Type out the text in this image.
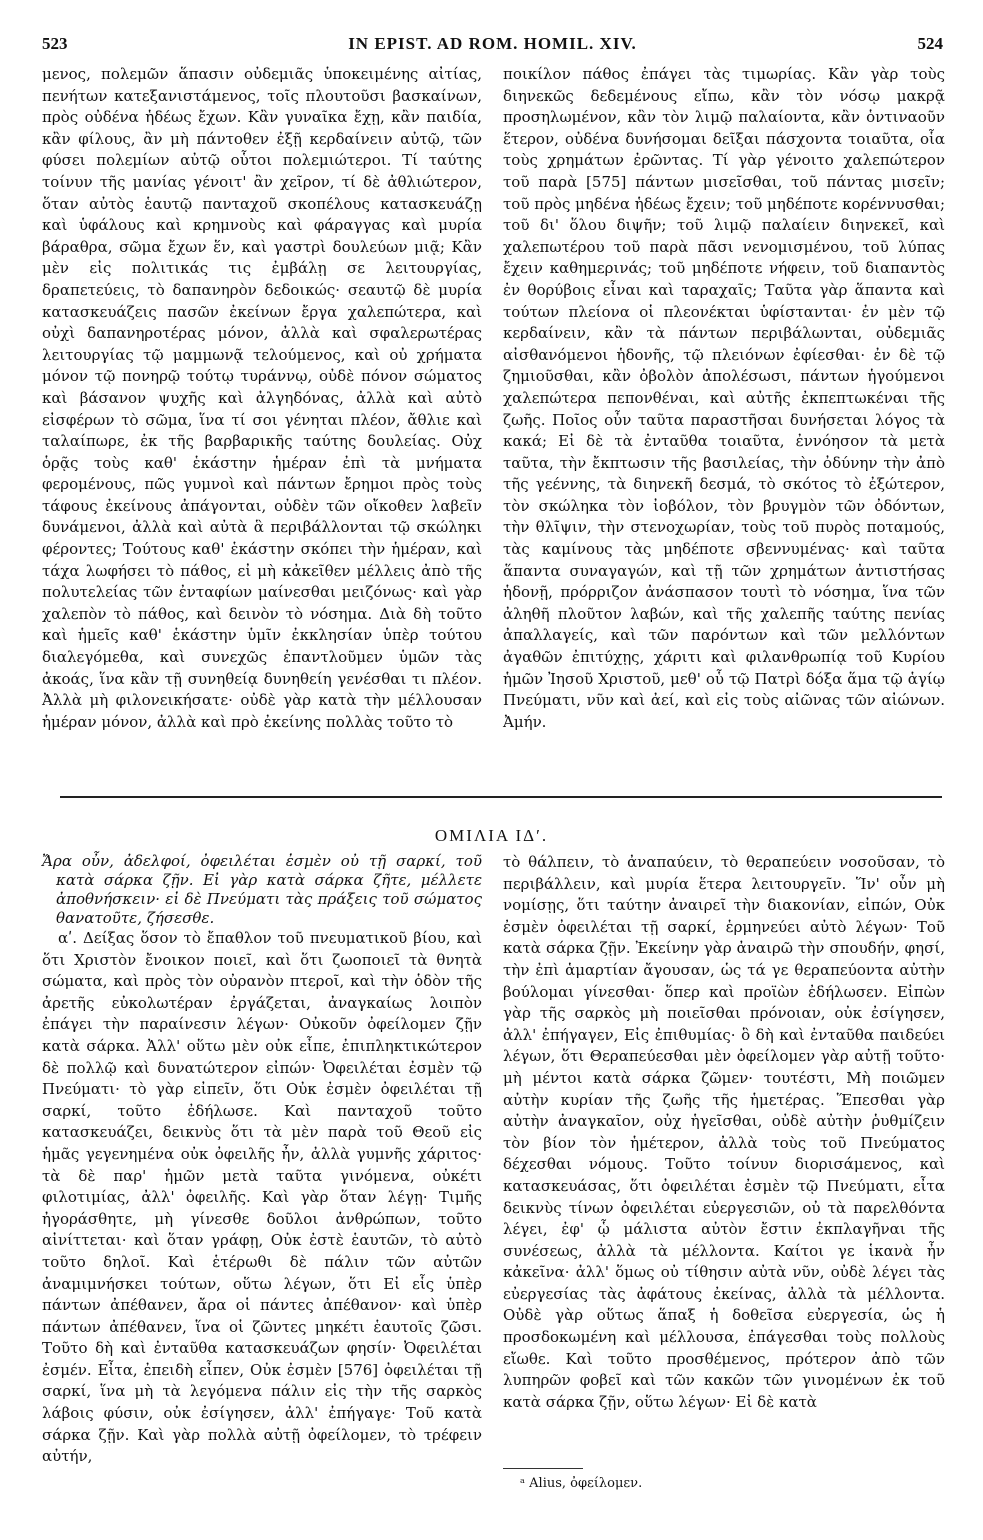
523	IN EPIST. AD ROM. HOMIL. XIV.	524

μενος, πολεμῶν ἅπασιν οὐδεμιᾶς ὑποκειμένης αἰτίας, πενήτων κατεξανιστάμενος, τοῖς πλουτοῦσι βασκαίνων, πρὸς οὐδένα ἡδέως ἔχων. Κἂν γυναῖκα ἔχῃ, κἂν παιδία, κἂν φίλους, ἂν μὴ πάντοθεν ἐξῇ κερδαίνειν αὐτῷ, τῶν φύσει πολεμίων αὐτῷ οὗτοι πολεμιώτεροι. Τί ταύτης τοίνυν τῆς μανίας γένοιτ' ἂν χεῖρον, τί δὲ ἀθλιώτερον, ὅταν αὐτὸς ἑαυτῷ πανταχοῦ σκοπέλους κατασκευάζῃ καὶ ὑφάλους καὶ κρημνοὺς καὶ φάραγγας καὶ μυρία βάραθρα, σῶμα ἔχων ἕν, καὶ γαστρὶ δουλεύων μιᾷ; Κἂν μὲν εἰς πολιτικάς τις ἐμβάλῃ σε λειτουργίας, δραπετεύεις, τὸ δαπανηρὸν δεδοικώς· σεαυτῷ δὲ μυρία κατασκευάζεις πασῶν ἐκείνων ἔργα χαλεπώτερα, καὶ οὐχὶ δαπανηροτέρας μόνον, ἀλλὰ καὶ σφαλερωτέρας λειτουργίας τῷ μαμμωνᾷ τελούμενος, καὶ οὐ χρήματα μόνον τῷ πονηρῷ τούτῳ τυράννῳ, οὐδὲ πόνον σώματος καὶ βάσανον ψυχῆς καὶ ἀλγηδόνας, ἀλλὰ καὶ αὐτὸ εἰσφέρων τὸ σῶμα, ἵνα τί σοι γένηται πλέον, ἄθλιε καὶ ταλαίπωρε, ἐκ τῆς βαρβαρικῆς ταύτης δουλείας. Οὐχ ὁρᾷς τοὺς καθ' ἑκάστην ἡμέραν ἐπὶ τὰ μνήματα φερομένους, πῶς γυμνοὶ καὶ πάντων ἔρημοι πρὸς τοὺς τάφους ἐκείνους ἀπάγονται, οὐδὲν τῶν οἴκοθεν λαβεῖν δυνάμενοι, ἀλλὰ καὶ αὐτὰ ἃ περιβάλλονται τῷ σκώληκι φέροντες; Τούτους καθ' ἑκάστην σκόπει τὴν ἡμέραν, καὶ τάχα λωφήσει τὸ πάθος, εἰ μὴ κἀκεῖθεν μέλλεις ἀπὸ τῆς πολυτελείας τῶν ἐνταφίων μαίνεσθαι μειζόνως· καὶ γὰρ χαλεπὸν τὸ πάθος, καὶ δεινὸν τὸ νόσημα. Διὰ δὴ τοῦτο καὶ ἡμεῖς καθ' ἑκάστην ὑμῖν ἐκκλησίαν ὑπὲρ τούτου διαλεγόμεθα, καὶ συνεχῶς ἐπαντλοῦμεν ὑμῶν τὰς ἀκοάς, ἵνα κἂν τῇ συνηθείᾳ δυνηθείη γενέσθαι τι πλέον. Ἀλλὰ μὴ φιλονεικήσατε· οὐδὲ γὰρ κατὰ τὴν μέλλουσαν ἡμέραν μόνον, ἀλλὰ καὶ πρὸ ἐκείνης πολλὰς τοῦτο τὸ

ποικίλον πάθος ἐπάγει τὰς τιμωρίας. Κἂν γὰρ τοὺς διηνεκῶς δεδεμένους εἴπω, κἂν τὸν νόσῳ μακρᾷ προσηλωμένον, κἂν τὸν λιμῷ παλαίοντα, κἂν ὁντιναοῦν ἕτερον, οὐδένα δυνήσομαι δεῖξαι πάσχοντα τοιαῦτα, οἷα τοὺς χρημάτων ἐρῶντας. Τί γὰρ γένοιτο χαλεπώτερον τοῦ παρὰ [575] πάντων μισεῖσθαι, τοῦ πάντας μισεῖν; τοῦ πρὸς μηδένα ἡδέως ἔχειν; τοῦ μηδέποτε κορέννυσθαι; τοῦ δι' ὅλου διψῆν; τοῦ λιμῷ παλαίειν διηνεκεῖ, καὶ χαλεπωτέρου τοῦ παρὰ πᾶσι νενομισμένου, τοῦ λύπας ἔχειν καθημερινάς; τοῦ μηδέποτε νήφειν, τοῦ διαπαντὸς ἐν θορύβοις εἶναι καὶ ταραχαῖς; Ταῦτα γὰρ ἅπαντα καὶ τούτων πλείονα οἱ πλεονέκται ὑφίστανται· ἐν μὲν τῷ κερδαίνειν, κἂν τὰ πάντων περιβάλωνται, οὐδεμιᾶς αἰσθανόμενοι ἡδονῆς, τῷ πλειόνων ἐφίεσθαι· ἐν δὲ τῷ ζημιοῦσθαι, κἂν ὀβολὸν ἀπολέσωσι, πάντων ἡγούμενοι χαλεπώτερα πεπονθέναι, καὶ αὐτῆς ἐκπεπτωκέναι τῆς ζωῆς. Ποῖος οὖν ταῦτα παραστῆσαι δυνήσεται λόγος τὰ κακά; Εἰ δὲ τὰ ἐνταῦθα τοιαῦτα, ἐννόησον τὰ μετὰ ταῦτα, τὴν ἔκπτωσιν τῆς βασιλείας, τὴν ὀδύνην τὴν ἀπὸ τῆς γεέννης, τὰ διηνεκῆ δεσμά, τὸ σκότος τὸ ἐξώτερον, τὸν σκώληκα τὸν ἰοβόλον, τὸν βρυγμὸν τῶν ὀδόντων, τὴν θλῖψιν, τὴν στενοχωρίαν, τοὺς τοῦ πυρὸς ποταμούς, τὰς καμίνους τὰς μηδέποτε σβεννυμένας· καὶ ταῦτα ἅπαντα συναγαγών, καὶ τῇ τῶν χρημάτων ἀντιστήσας ἡδονῇ, πρόρριζον ἀνάσπασον τουτὶ τὸ νόσημα, ἵνα τῶν ἀληθῆ πλοῦτον λαβών, καὶ τῆς χαλεπῆς ταύτης πενίας ἀπαλλαγείς, καὶ τῶν παρόντων καὶ τῶν μελλόντων ἀγαθῶν ἐπιτύχῃς, χάριτι καὶ φιλανθρωπίᾳ τοῦ Κυρίου ἡμῶν Ἰησοῦ Χριστοῦ, μεθ' οὗ τῷ Πατρὶ δόξα ἅμα τῷ ἁγίῳ Πνεύματι, νῦν καὶ ἀεί, καὶ εἰς τοὺς αἰῶνας τῶν αἰώνων. Ἀμήν.

ΟΜΙΛΙΑ ΙΔʹ.

Ἄρα οὖν, ἀδελφοί, ὀφειλέται ἐσμὲν οὐ τῇ σαρκί, τοῦ κατὰ σάρκα ζῇν. Εἰ γὰρ κατὰ σάρκα ζῆτε, μέλλετε ἀποθνήσκειν· εἰ δὲ Πνεύματι τὰς πράξεις τοῦ σώματος θανατοῦτε, ζήσεσθε.

αʹ. Δείξας ὅσον τὸ ἔπαθλον τοῦ πνευματικοῦ βίου, καὶ ὅτι Χριστὸν ἔνοικον ποιεῖ, καὶ ὅτι ζωοποιεῖ τὰ θνητὰ σώματα, καὶ πρὸς τὸν οὐρανὸν πτεροῖ, καὶ τὴν ὁδὸν τῆς ἀρετῆς εὐκολωτέραν ἐργάζεται, ἀναγκαίως λοιπὸν ἐπάγει τὴν παραίνεσιν λέγων· Οὐκοῦν ὀφείλομεν ζῇν κατὰ σάρκα. Ἀλλ' οὕτω μὲν οὐκ εἶπε, ἐπιπληκτικώτερον δὲ πολλῷ καὶ δυνατώτερον εἰπών· Ὀφειλέται ἐσμὲν τῷ Πνεύματι· τὸ γὰρ εἰπεῖν, ὅτι Οὐκ ἐσμὲν ὀφειλέται τῇ σαρκί, τοῦτο ἐδήλωσε. Καὶ πανταχοῦ τοῦτο κατασκευάζει, δεικνὺς ὅτι τὰ μὲν παρὰ τοῦ Θεοῦ εἰς ἡμᾶς γεγενημένα οὐκ ὀφειλῆς ἦν, ἀλλὰ γυμνῆς χάριτος· τὰ δὲ παρ' ἡμῶν μετὰ ταῦτα γινόμενα, οὐκέτι φιλοτιμίας, ἀλλ' ὀφειλῆς. Καὶ γὰρ ὅταν λέγῃ· Τιμῆς ἠγοράσθητε, μὴ γίνεσθε δοῦλοι ἀνθρώπων, τοῦτο αἰνίττεται· καὶ ὅταν γράφῃ, Οὐκ ἐστὲ ἑαυτῶν, τὸ αὐτὸ τοῦτο δηλοῖ. Καὶ ἑτέρωθι δὲ πάλιν τῶν αὐτῶν ἀναμιμνήσκει τούτων, οὕτω λέγων, ὅτι Εἰ εἷς ὑπὲρ πάντων ἀπέθανεν, ἄρα οἱ πάντες ἀπέθανον· καὶ ὑπὲρ πάντων ἀπέθανεν, ἵνα οἱ ζῶντες μηκέτι ἑαυτοῖς ζῶσι. Τοῦτο δὴ καὶ ἐνταῦθα κατασκευάζων φησίν· Ὀφειλέται ἐσμέν. Εἶτα, ἐπειδὴ εἶπεν, Οὐκ ἐσμὲν [576] ὀφειλέται τῇ σαρκί, ἵνα μὴ τὰ λεγόμενα πάλιν εἰς τὴν τῆς σαρκὸς λάβοις φύσιν, οὐκ ἐσίγησεν, ἀλλ' ἐπήγαγε· Τοῦ κατὰ σάρκα ζῇν. Καὶ γὰρ πολλὰ αὐτῇ ὀφείλομεν, τὸ τρέφειν αὐτήν,

τὸ θάλπειν, τὸ ἀναπαύειν, τὸ θεραπεύειν νοσοῦσαν, τὸ περιβάλλειν, καὶ μυρία ἕτερα λειτουργεῖν. Ἵν' οὖν μὴ νομίσῃς, ὅτι ταύτην ἀναιρεῖ τὴν διακονίαν, εἰπών, Οὐκ ἐσμὲν ὀφειλέται τῇ σαρκί, ἑρμηνεύει αὐτὸ λέγων· Τοῦ κατὰ σάρκα ζῇν. Ἐκείνην γὰρ ἀναιρῶ τὴν σπουδήν, φησί, τὴν ἐπὶ ἁμαρτίαν ἄγουσαν, ὡς τά γε θεραπεύοντα αὐτὴν βούλομαι γίνεσθαι· ὅπερ καὶ προϊὼν ἐδήλωσεν. Εἰπὼν γὰρ τῆς σαρκὸς μὴ ποιεῖσθαι πρόνοιαν, οὐκ ἐσίγησεν, ἀλλ' ἐπήγαγεν, Εἰς ἐπιθυμίας· ὃ δὴ καὶ ἐνταῦθα παιδεύει λέγων, ὅτι Θεραπεύεσθαι μὲν ὀφείλομεν γὰρ αὐτῇ τοῦτο· μὴ μέντοι κατὰ σάρκα ζῶμεν· τουτέστι, Μὴ ποιῶμεν αὐτὴν κυρίαν τῆς ζωῆς τῆς ἡμετέρας. Ἕπεσθαι γὰρ αὐτὴν ἀναγκαῖον, οὐχ ἡγεῖσθαι, οὐδὲ αὐτὴν ῥυθμίζειν τὸν βίον τὸν ἡμέτερον, ἀλλὰ τοὺς τοῦ Πνεύματος δέχεσθαι νόμους. Τοῦτο τοίνυν διορισάμενος, καὶ κατασκευάσας, ὅτι ὀφειλέται ἐσμὲν τῷ Πνεύματι, εἶτα δεικνὺς τίνων ὀφειλέται εὐεργεσιῶν, οὐ τὰ παρελθόντα λέγει, ἐφ' ᾧ μάλιστα αὐτὸν ἔστιν ἐκπλαγῆναι τῆς συνέσεως, ἀλλὰ τὰ μέλλοντα. Καίτοι γε ἱκανὰ ἦν κἀκεῖνα· ἀλλ' ὅμως οὐ τίθησιν αὐτὰ νῦν, οὐδὲ λέγει τὰς εὐεργεσίας τὰς ἀφάτους ἐκείνας, ἀλλὰ τὰ μέλλοντα. Οὐδὲ γὰρ οὕτως ἅπαξ ἡ δοθεῖσα εὐεργεσία, ὡς ἡ προσδοκωμένη καὶ μέλλουσα, ἐπάγεσθαι τοὺς πολλοὺς εἴωθε. Καὶ τοῦτο προσθέμενος, πρότερον ἀπὸ τῶν λυπηρῶν φοβεῖ καὶ τῶν κακῶν τῶν γινομένων ἐκ τοῦ κατὰ σάρκα ζῇν, οὕτω λέγων· Εἰ δὲ κατὰ

ᵃ Alius, ὀφείλομεν.
